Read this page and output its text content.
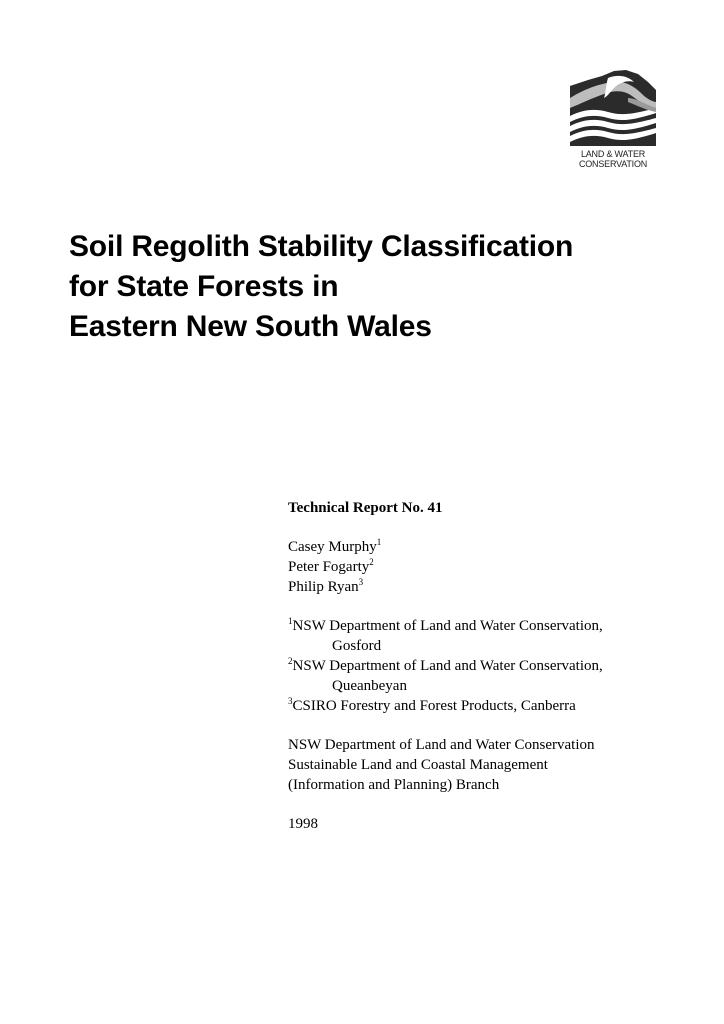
LAND & WATER
CONSERVATION
Soil Regolith Stability Classification
for State Forests in
Eastern New South Wales
Technical Report No. 41
Casey Murphy$^1$
Peter Fogarty$^2$
Philip Ryan$^3$
$^1$NSW Department of Land and Water Conservation,
Gosford
$^2$NSW Department of Land and Water Conservation,
Queanbeyan
$^3$CSIRO Forestry and Forest Products, Canberra
NSW Department of Land and Water Conservation
Sustainable Land and Coastal Management
(Information and Planning) Branch
1998
